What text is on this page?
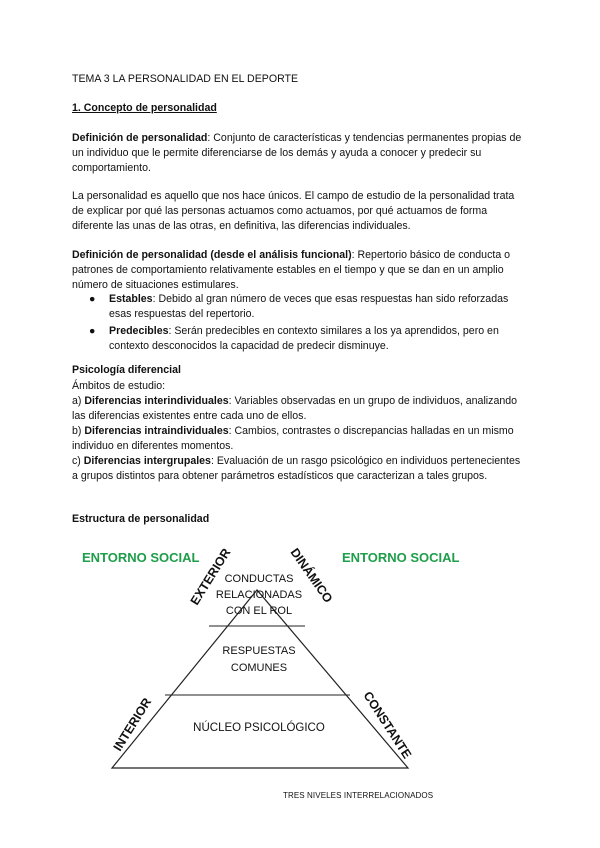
TEMA 3 LA PERSONALIDAD EN EL DEPORTE
1. Concepto de personalidad
Definición de personalidad: Conjunto de características y tendencias permanentes propias de un individuo que le permite diferenciarse de los demás y ayuda a conocer y predecir su comportamiento.
La personalidad es aquello que nos hace únicos. El campo de estudio de la personalidad trata de explicar por qué las personas actuamos como actuamos, por qué actuamos de forma diferente las unas de las otras, en definitiva, las diferencias individuales.
Definición de personalidad (desde el análisis funcional): Repertorio básico de conducta o patrones de comportamiento relativamente estables en el tiempo y que se dan en un amplio número de situaciones estimulares.
● Estables: Debido al gran número de veces que esas respuestas han sido reforzadas esas respuestas del repertorio.
● Predecibles: Serán predecibles en contexto similares a los ya aprendidos, pero en contexto desconocidos la capacidad de predecir disminuye.
Psicología diferencial
Ámbitos de estudio:
a) Diferencias interindividuales: Variables observadas en un grupo de individuos, analizando las diferencias existentes entre cada uno de ellos.
b) Diferencias intraindividuales: Cambios, contrastes o discrepancias halladas en un mismo individuo en diferentes momentos.
c) Diferencias intergrupales: Evaluación de un rasgo psicológico en individuos pertenecientes a grupos distintos para obtener parámetros estadísticos que caracterizan a tales grupos.
Estructura de personalidad
ENTORNO SOCIAL	ENTORNO SOCIAL
EXTERIOR	DINÁMICO
INTERIOR	CONSTANTE
CONDUCTAS
RELACIONADAS
CON EL ROL
RESPUESTAS
COMUNES
NÚCLEO PSICOLÓGICO
TRES NIVELES INTERRELACIONADOS
